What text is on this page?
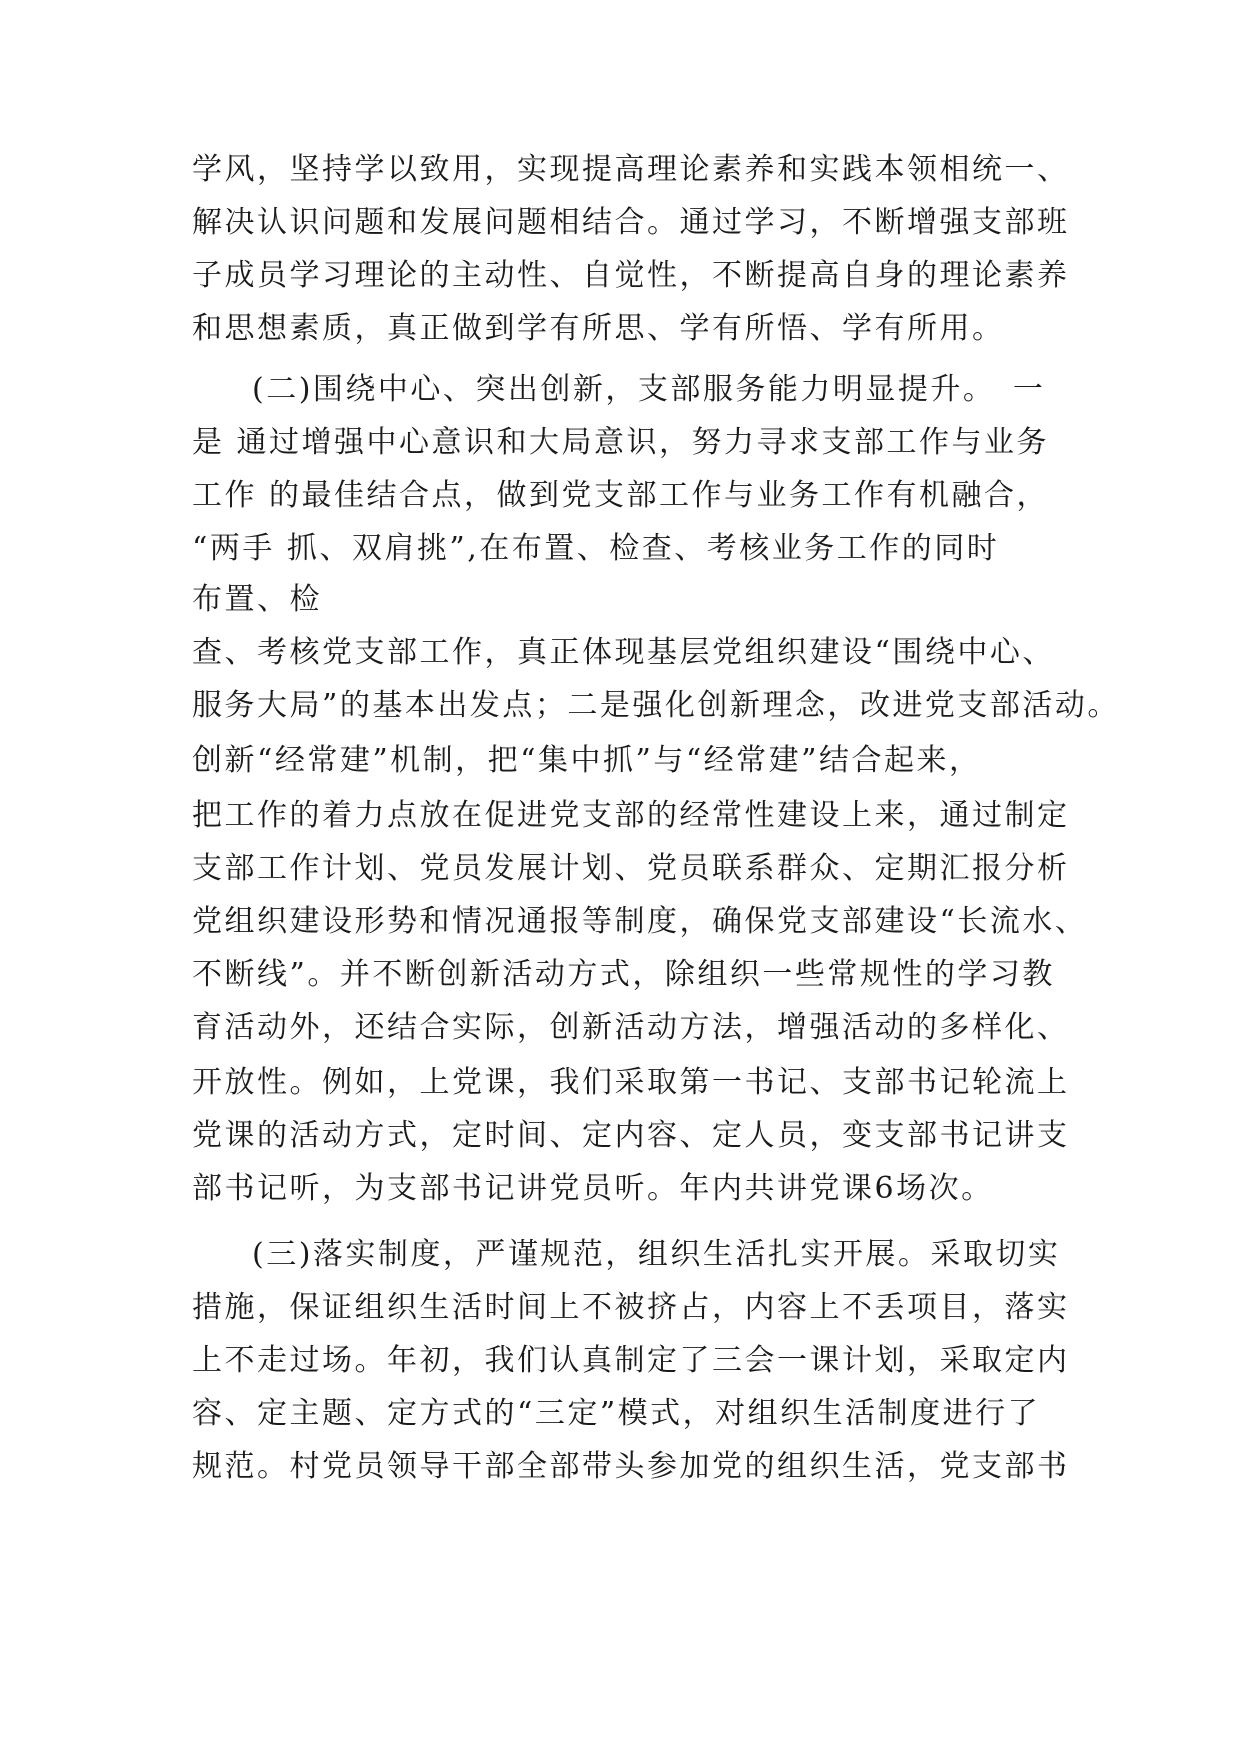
学风，坚持学以致用，实现提高理论素养和实践本领相统一、
解决认识问题和发展问题相结合。通过学习，不断增强支部班
子成员学习理论的主动性、自觉性，不断提高自身的理论素养
和思想素质，真正做到学有所思、学有所悟、学有所用。
(二)围绕中心、突出创新，支部服务能力明显提升。　一
是 通过增强中心意识和大局意识，努力寻求支部工作与业务
工作 的最佳结合点，做到党支部工作与业务工作有机融合，
“两手 抓、双肩挑”,在布置、检查、考核业务工作的同时
布置、检
查、考核党支部工作，真正体现基层党组织建设“围绕中心、
服务大局”的基本出发点；二是强化创新理念，改进党支部活动。
创新“经常建”机制，把“集中抓”与“经常建”结合起来，
把工作的着力点放在促进党支部的经常性建设上来，通过制定
支部工作计划、党员发展计划、党员联系群众、定期汇报分析
党组织建设形势和情况通报等制度，确保党支部建设“长流水、
不断线”。并不断创新活动方式，除组织一些常规性的学习教
育活动外，还结合实际，创新活动方法，增强活动的多样化、
开放性。例如，上党课，我们采取第一书记、支部书记轮流上
党课的活动方式，定时间、定内容、定人员，变支部书记讲支
部书记听，为支部书记讲党员听。年内共讲党课6场次。
(三)落实制度，严谨规范，组织生活扎实开展。采取切实
措施，保证组织生活时间上不被挤占，内容上不丢项目，落实
上不走过场。年初，我们认真制定了三会一课计划，采取定内
容、定主题、定方式的“三定”模式，对组织生活制度进行了
规范。村党员领导干部全部带头参加党的组织生活，党支部书
